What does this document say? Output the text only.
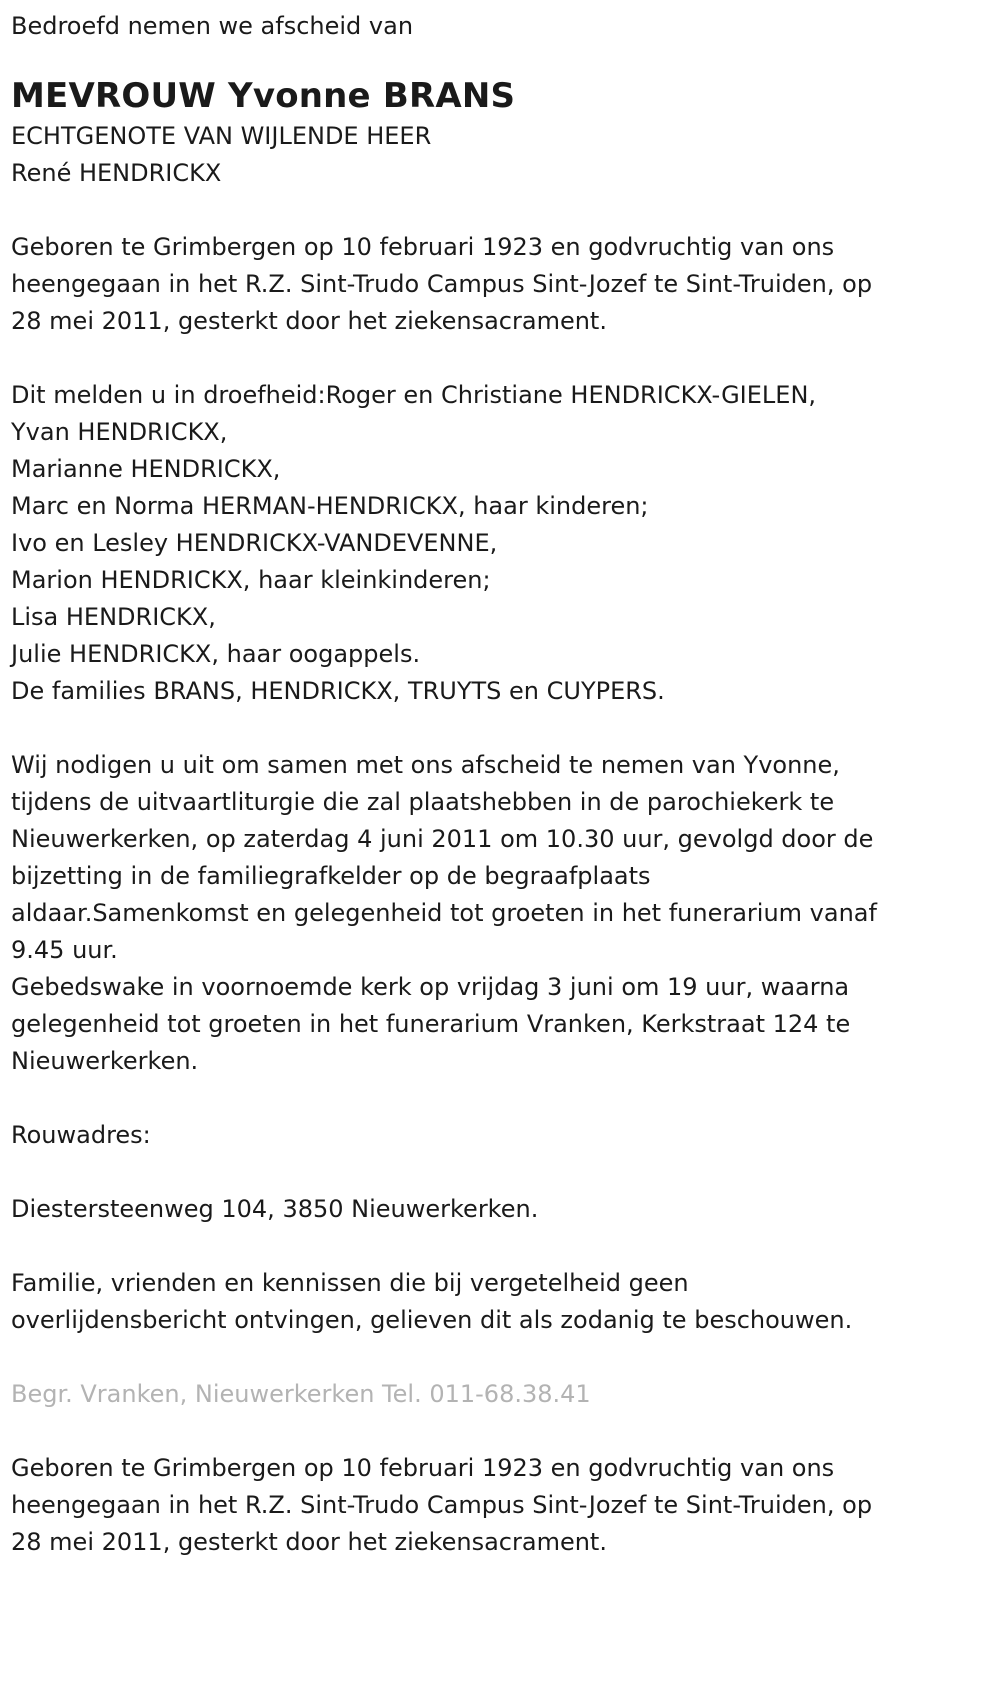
Bedroefd nemen we afscheid van
MEVROUW Yvonne BRANS
ECHTGENOTE VAN WIJLENDE HEER
René HENDRICKX
Geboren te Grimbergen op 10 februari 1923 en godvruchtig van ons
heengegaan in het R.Z. Sint-Trudo Campus Sint-Jozef te Sint-Truiden, op
28 mei 2011, gesterkt door het ziekensacrament.
Dit melden u in droefheid:Roger en Christiane HENDRICKX-GIELEN,
Yvan HENDRICKX,
Marianne HENDRICKX,
Marc en Norma HERMAN-HENDRICKX, haar kinderen;
Ivo en Lesley HENDRICKX-VANDEVENNE,
Marion HENDRICKX, haar kleinkinderen;
Lisa HENDRICKX,
Julie HENDRICKX, haar oogappels.
De families BRANS, HENDRICKX, TRUYTS en CUYPERS.
Wij nodigen u uit om samen met ons afscheid te nemen van Yvonne,
tijdens de uitvaartliturgie die zal plaatshebben in de parochiekerk te
Nieuwerkerken, op zaterdag 4 juni 2011 om 10.30 uur, gevolgd door de
bijzetting in de familiegrafkelder op de begraafplaats
aldaar.Samenkomst en gelegenheid tot groeten in het funerarium vanaf
9.45 uur.
Gebedswake in voornoemde kerk op vrijdag 3 juni om 19 uur, waarna
gelegenheid tot groeten in het funerarium Vranken, Kerkstraat 124 te
Nieuwerkerken.
Rouwadres:
Diestersteenweg 104, 3850 Nieuwerkerken.
Familie, vrienden en kennissen die bij vergetelheid geen
overlijdensbericht ontvingen, gelieven dit als zodanig te beschouwen.
Begr. Vranken, Nieuwerkerken Tel. 011-68.38.41
Geboren te Grimbergen op 10 februari 1923 en godvruchtig van ons
heengegaan in het R.Z. Sint-Trudo Campus Sint-Jozef te Sint-Truiden, op
28 mei 2011, gesterkt door het ziekensacrament.
